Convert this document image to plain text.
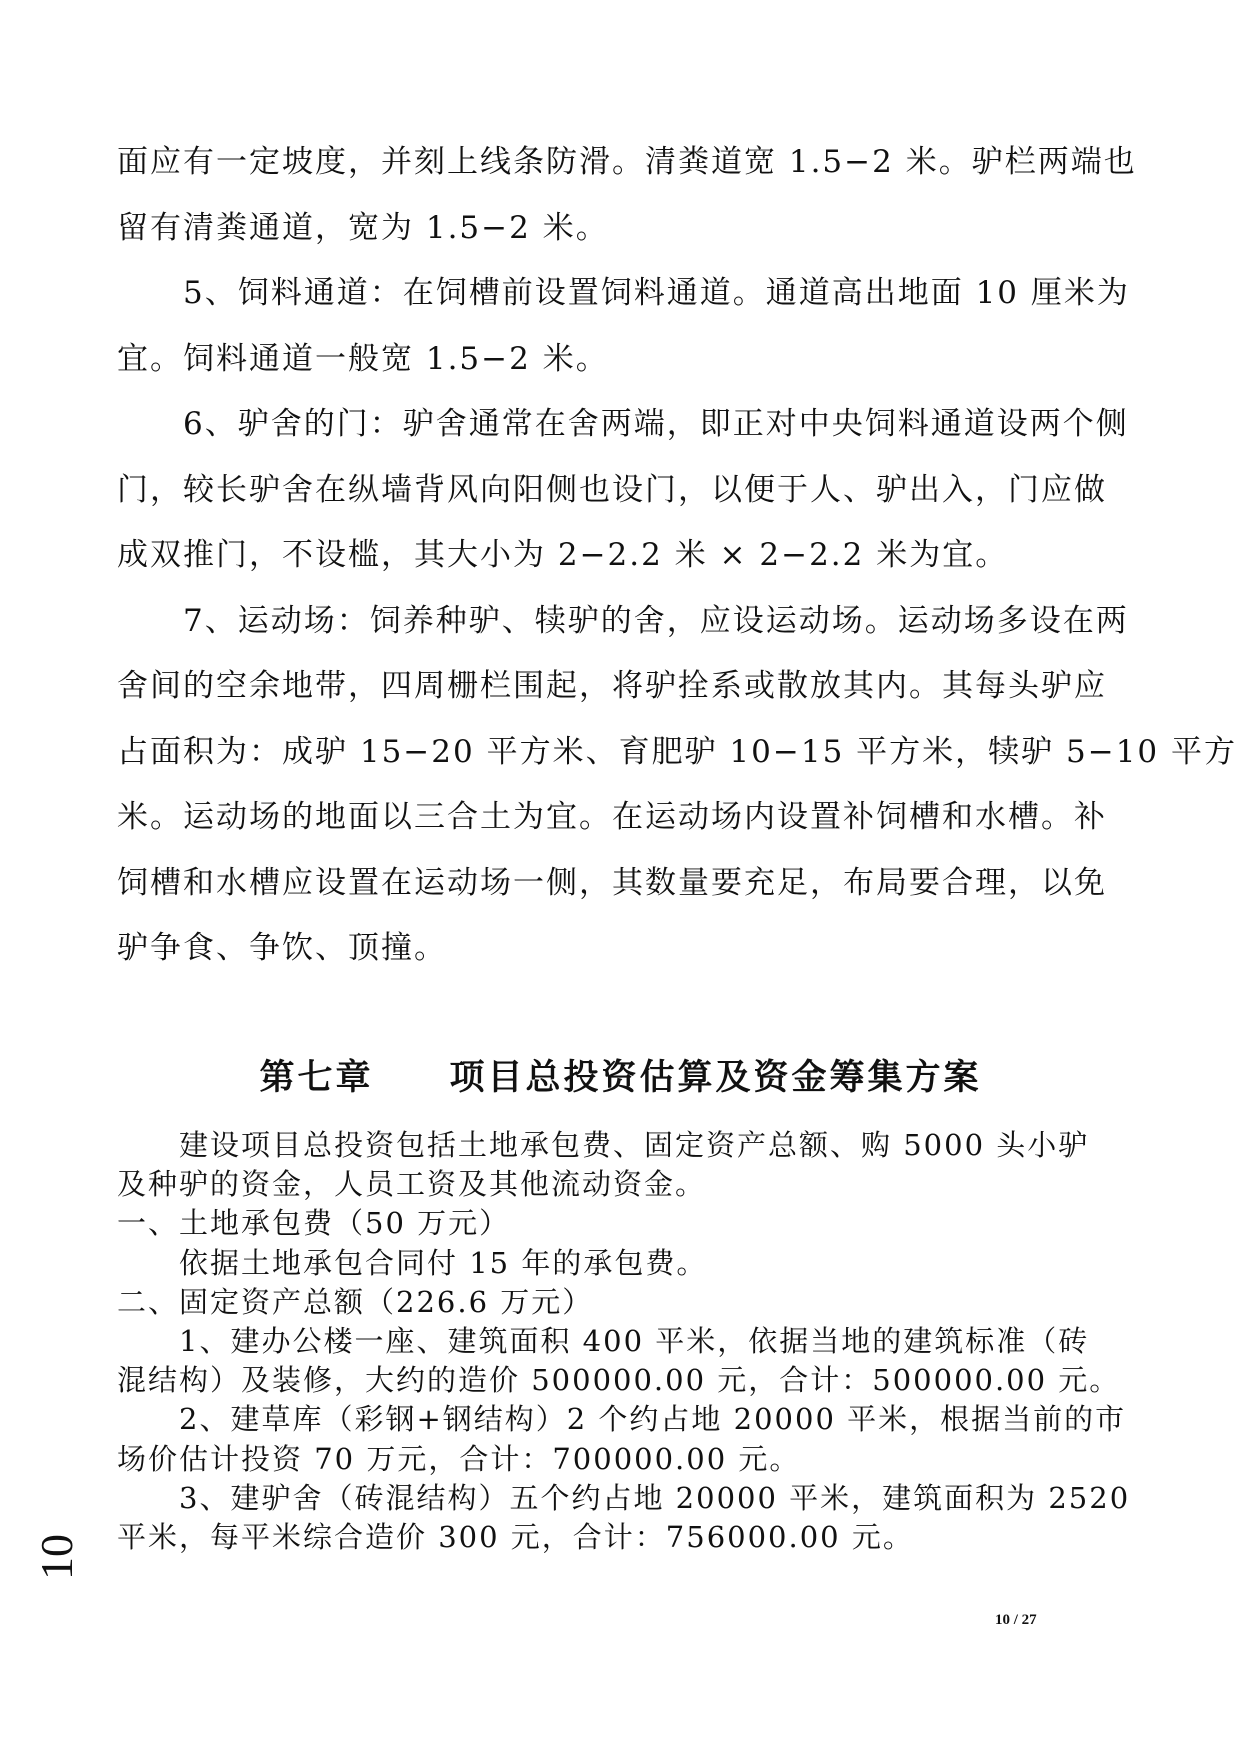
面应有一定坡度，并刻上线条防滑。清粪道宽 1.5−2 米。驴栏两端也

留有清粪通道，宽为 1.5−2 米。

　　5、饲料通道：在饲槽前设置饲料通道。通道高出地面 10 厘米为

宜。饲料通道一般宽 1.5−2 米。

　　6、驴舍的门：驴舍通常在舍两端，即正对中央饲料通道设两个侧

门，较长驴舍在纵墙背风向阳侧也设门，以便于人、驴出入，门应做

成双推门，不设槛，其大小为 2−2.2 米 × 2−2.2 米为宜。

　　7、运动场：饲养种驴、犊驴的舍，应设运动场。运动场多设在两

舍间的空余地带，四周栅栏围起，将驴拴系或散放其内。其每头驴应

占面积为：成驴 15−20 平方米、育肥驴 10−15 平方米，犊驴 5−10 平方

米。运动场的地面以三合土为宜。在运动场内设置补饲槽和水槽。补

饲槽和水槽应设置在运动场一侧，其数量要充足，布局要合理，以免

驴争食、争饮、顶撞。

第七章　　项目总投资估算及资金筹集方案

　　建设项目总投资包括土地承包费、固定资产总额、购 5000 头小驴

及种驴的资金，人员工资及其他流动资金。

一、土地承包费（50 万元）

　　依据土地承包合同付 15 年的承包费。

二、固定资产总额（226.6 万元）

　　1、建办公楼一座、建筑面积 400 平米，依据当地的建筑标准（砖

混结构）及装修，大约的造价 500000.00 元，合计：500000.00 元。

　　2、建草库（彩钢+钢结构）2 个约占地 20000 平米，根据当前的市

场价估计投资 70 万元，合计：700000.00 元。

　　3、建驴舍（砖混结构）五个约占地 20000 平米，建筑面积为 2520

平米，每平米综合造价 300 元，合计：756000.00 元。

10
10 / 27
